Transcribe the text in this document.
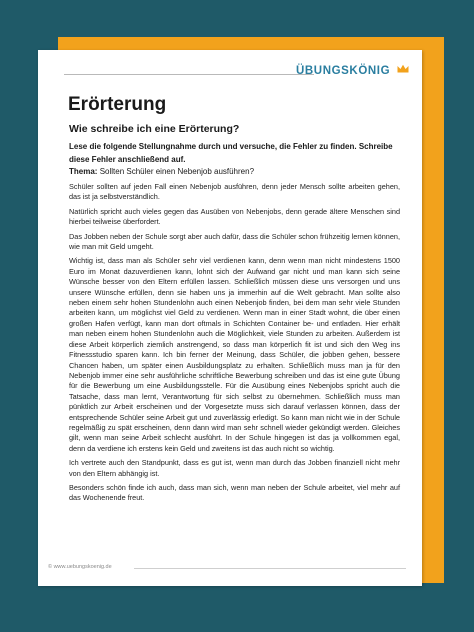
ÜBUNGSKÖNIG
Erörterung
Wie schreibe ich eine Erörterung?

Lese die folgende Stellungnahme durch und versuche, die Fehler zu finden. Schreibe diese Fehler anschließend auf.

Thema: Sollten Schüler einen Nebenjob ausführen?

Schüler sollten auf jeden Fall einen Nebenjob ausführen, denn jeder Mensch sollte arbeiten gehen, das ist ja selbstverständlich.

Natürlich spricht auch vieles gegen das Ausüben von Nebenjobs, denn gerade ältere Menschen sind hierbei teilweise überfordert.

Das Jobben neben der Schule sorgt aber auch dafür, dass die Schüler schon frühzeitig lernen können, wie man mit Geld umgeht.

Wichtig ist, dass man als Schüler sehr viel verdienen kann, denn wenn man nicht mindestens 1500 Euro im Monat dazuverdienen kann, lohnt sich der Aufwand gar nicht und man kann sich seine Wünsche besser von den Eltern erfüllen lassen. Schließlich müssen diese uns versorgen und uns unsere Wünsche erfüllen, denn sie haben uns ja immerhin auf die Welt gebracht. Man sollte also neben einem sehr hohen Stundenlohn auch einen Nebenjob finden, bei dem man sehr viele Stunden arbeiten kann, um möglichst viel Geld zu verdienen. Wenn man in einer Stadt wohnt, die über einen großen Hafen verfügt, kann man dort oftmals in Schichten Container be- und entladen. Hier erhält man neben einem hohen Stundenlohn auch die Möglichkeit, viele Stunden zu arbeiten. Außerdem ist diese Arbeit körperlich ziemlich anstrengend, so dass man körperlich fit ist und sich den Weg ins Fitnessstudio sparen kann. Ich bin ferner der Meinung, dass Schüler, die jobben gehen, bessere Chancen haben, um später einen Ausbildungsplatz zu erhalten. Schließlich muss man ja für den Nebenjob immer eine sehr ausführliche schriftliche Bewerbung schreiben und das ist eine gute Übung für die Bewerbung um eine Ausbildungsstelle. Für die Ausübung eines Nebenjobs spricht auch die Tatsache, dass man lernt, Verantwortung für sich selbst zu übernehmen. Schließlich muss man pünktlich zur Arbeit erscheinen und der Vorgesetzte muss sich darauf verlassen können, dass der entsprechende Schüler seine Arbeit gut und zuverlässig erledigt. So kann man nicht wie in der Schule regelmäßig zu spät erscheinen, denn dann wird man sehr schnell wieder gekündigt werden. Gleiches gilt, wenn man seine Arbeit schlecht ausführt. In der Schule hingegen ist das ja vollkommen egal, denn da verdiene ich erstens kein Geld und zweitens ist das auch nicht so wichtig.

Ich vertrete auch den Standpunkt, dass es gut ist, wenn man durch das Jobben finanziell nicht mehr von den Eltern abhängig ist.

Besonders schön finde ich auch, dass man sich, wenn man neben der Schule arbeitet, viel mehr auf das Wochenende freut.

© www.uebungskoenig.de
